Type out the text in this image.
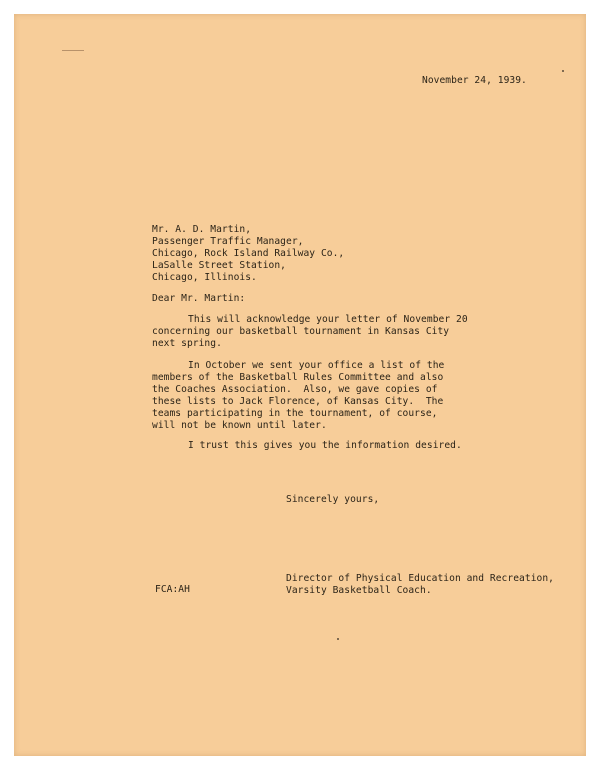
November 24, 1939.

Mr. A. D. Martin,

Passenger Traffic Manager,

Chicago, Rock Island Railway Co.,

LaSalle Street Station,

Chicago, Illinois.

Dear Mr. Martin:

This will acknowledge your letter of November 20

concerning our basketball tournament in Kansas City

next spring.

In October we sent your office a list of the

members of the Basketball Rules Committee and also

the Coaches Association.  Also, we gave copies of

these lists to Jack Florence, of Kansas City.  The

teams participating in the tournament, of course,

will not be known until later.

I trust this gives you the information desired.

Sincerely yours,

FCA:AH

Director of Physical Education and Recreation,

Varsity Basketball Coach.
